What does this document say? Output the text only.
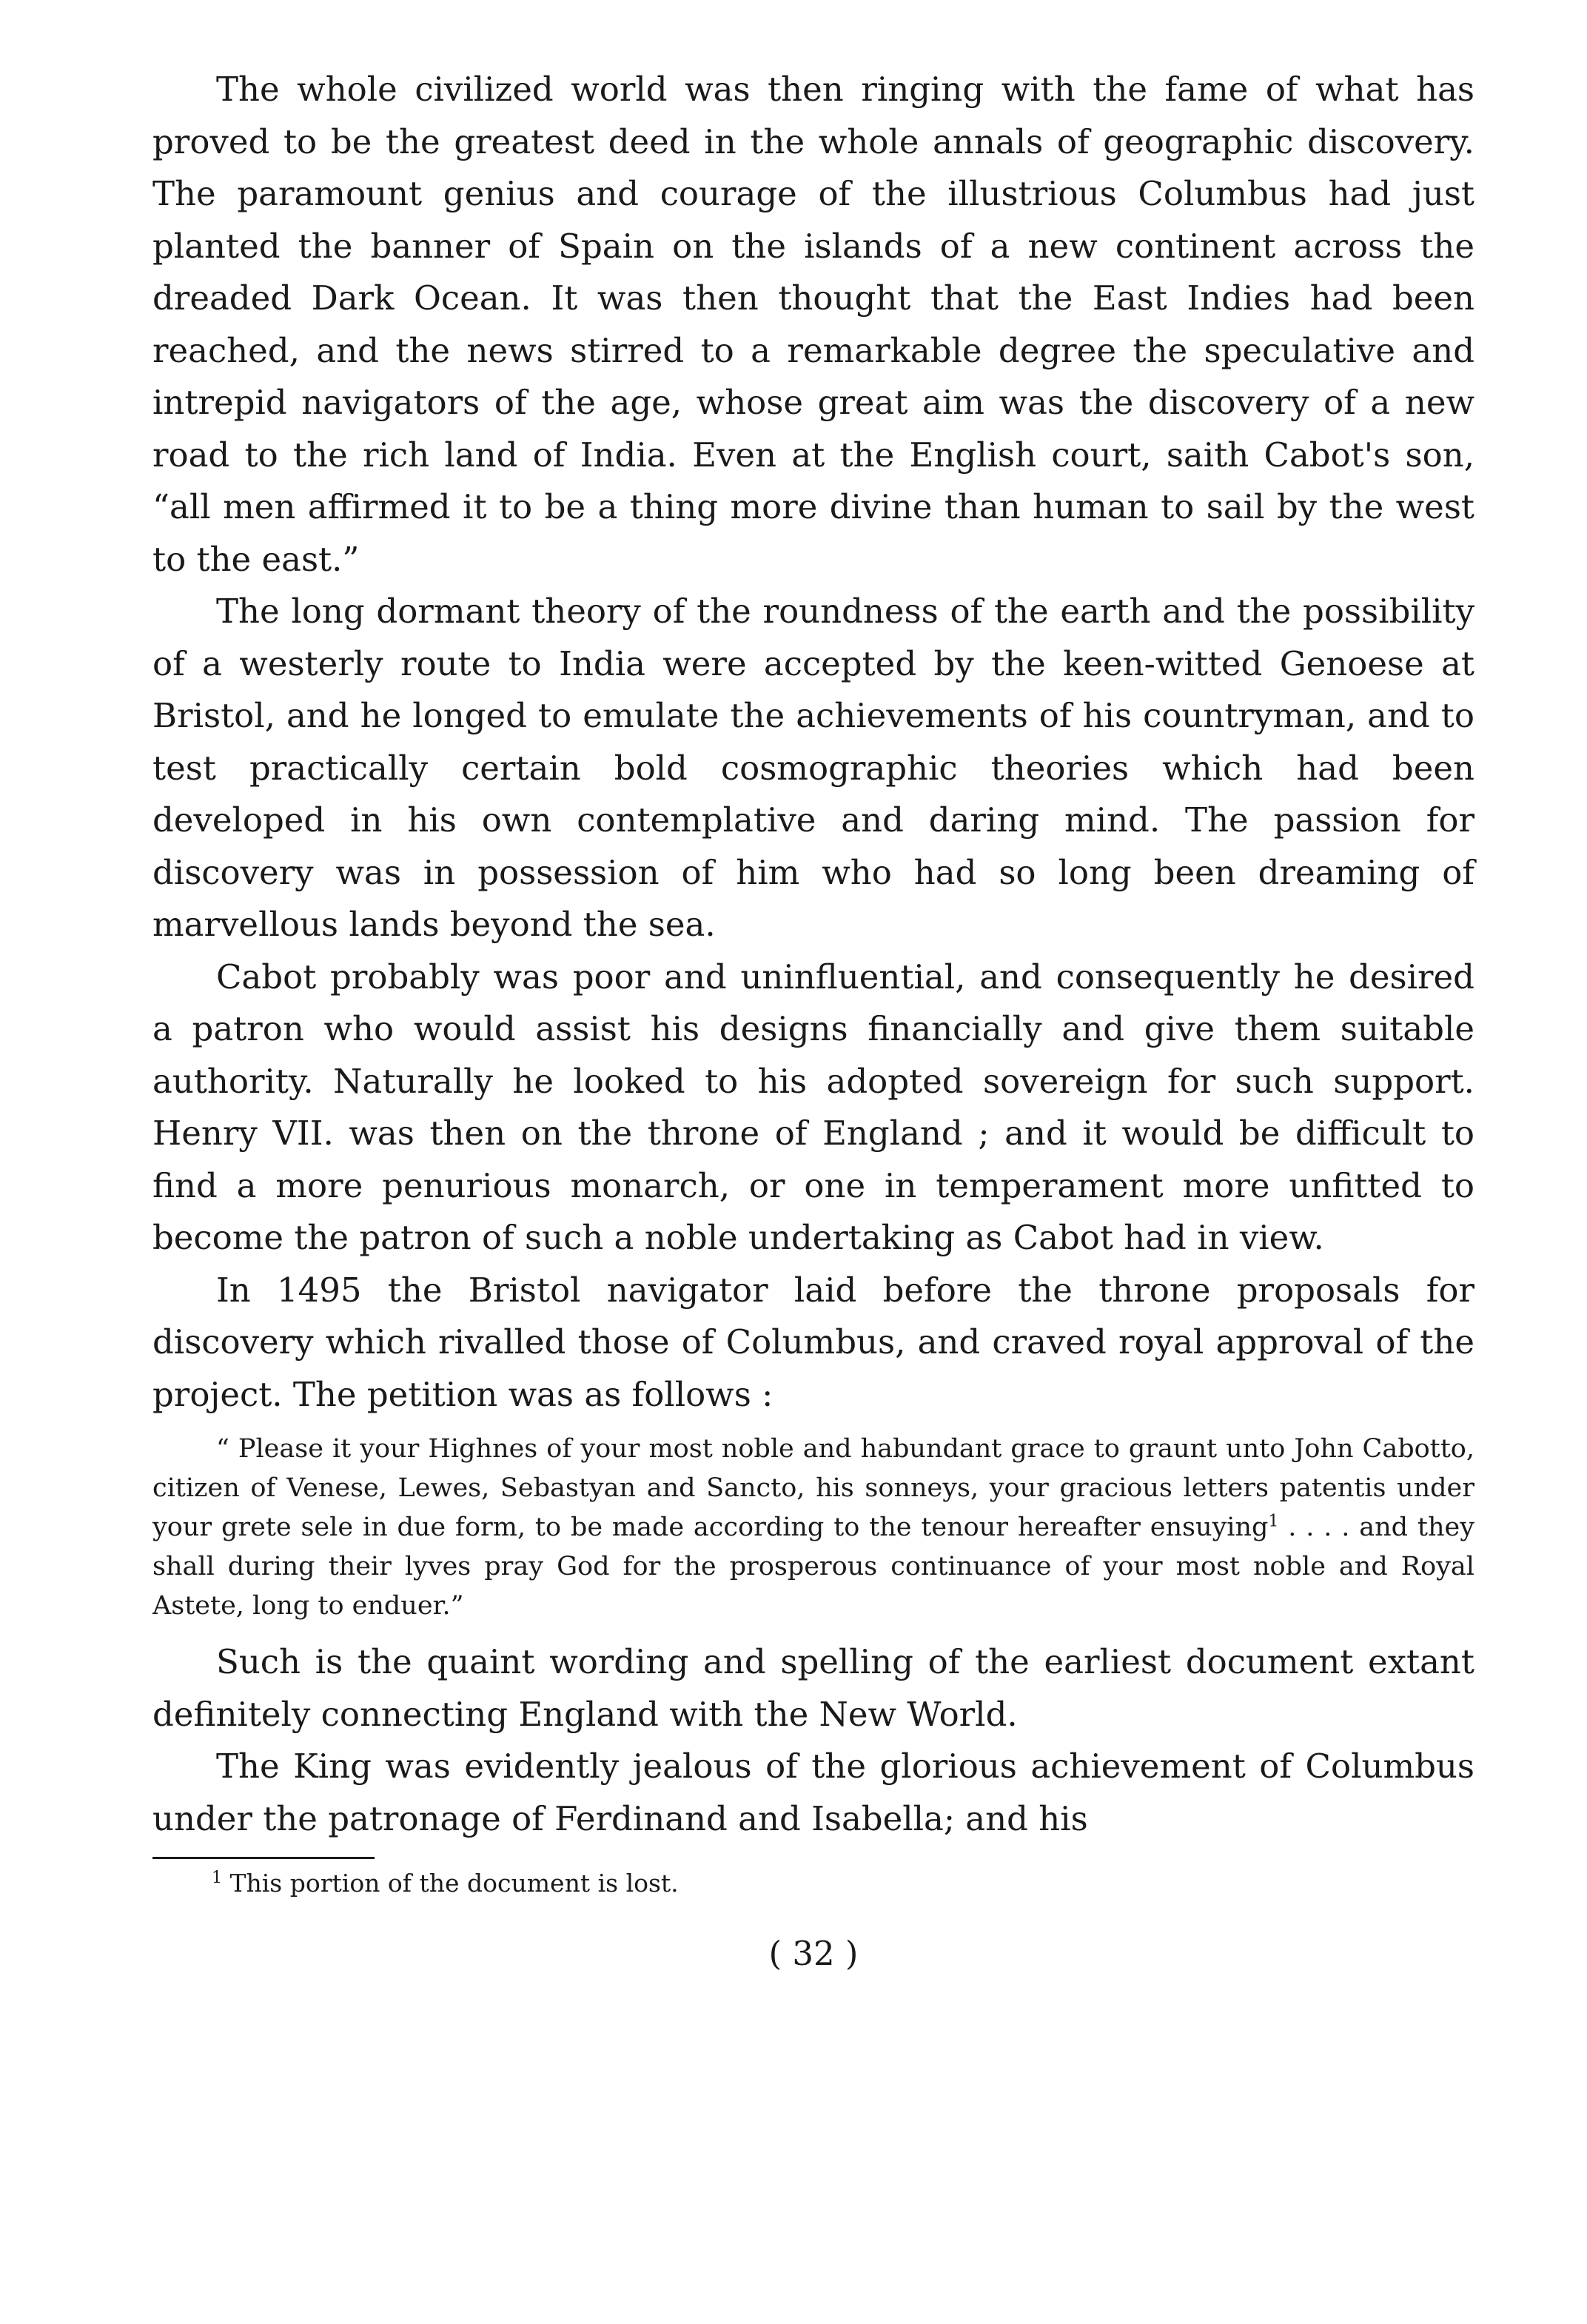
The whole civilized world was then ringing with the fame of what has proved to be the greatest deed in the whole annals of geographic discovery. The paramount genius and courage of the illustrious Columbus had just planted the banner of Spain on the islands of a new continent across the dreaded Dark Ocean. It was then thought that the East Indies had been reached, and the news stirred to a remarkable degree the speculative and intrepid navigators of the age, whose great aim was the discovery of a new road to the rich land of India. Even at the English court, saith Cabot's son, “all men affirmed it to be a thing more divine than human to sail by the west to the east.”

The long dormant theory of the roundness of the earth and the possibility of a westerly route to India were accepted by the keen-witted Genoese at Bristol, and he longed to emulate the achievements of his countryman, and to test practically certain bold cosmographic theories which had been developed in his own contemplative and daring mind. The passion for discovery was in possession of him who had so long been dreaming of marvellous lands beyond the sea.

Cabot probably was poor and uninfluential, and consequently he desired a patron who would assist his designs financially and give them suitable authority. Naturally he looked to his adopted sovereign for such support. Henry VII. was then on the throne of England ; and it would be difficult to find a more penurious monarch, or one in temperament more unfitted to become the patron of such a noble undertaking as Cabot had in view.

In 1495 the Bristol navigator laid before the throne proposals for discovery which rivalled those of Columbus, and craved royal approval of the project. The petition was as follows :

“ Please it your Highnes of your most noble and habundant grace to graunt unto John Cabotto, citizen of Venese, Lewes, Sebastyan and Sancto, his sonneys, your gracious letters patentis under your grete sele in due form, to be made according to the tenour hereafter ensuying$^1$ . . . . and they shall during their lyves pray God for the prosperous continuance of your most noble and Royal Astete, long to enduer.”

Such is the quaint wording and spelling of the earliest document extant definitely connecting England with the New World.

The King was evidently jealous of the glorious achievement of Columbus under the patronage of Ferdinand and Isabella; and his

$^1$ This portion of the document is lost.

( 32 )
